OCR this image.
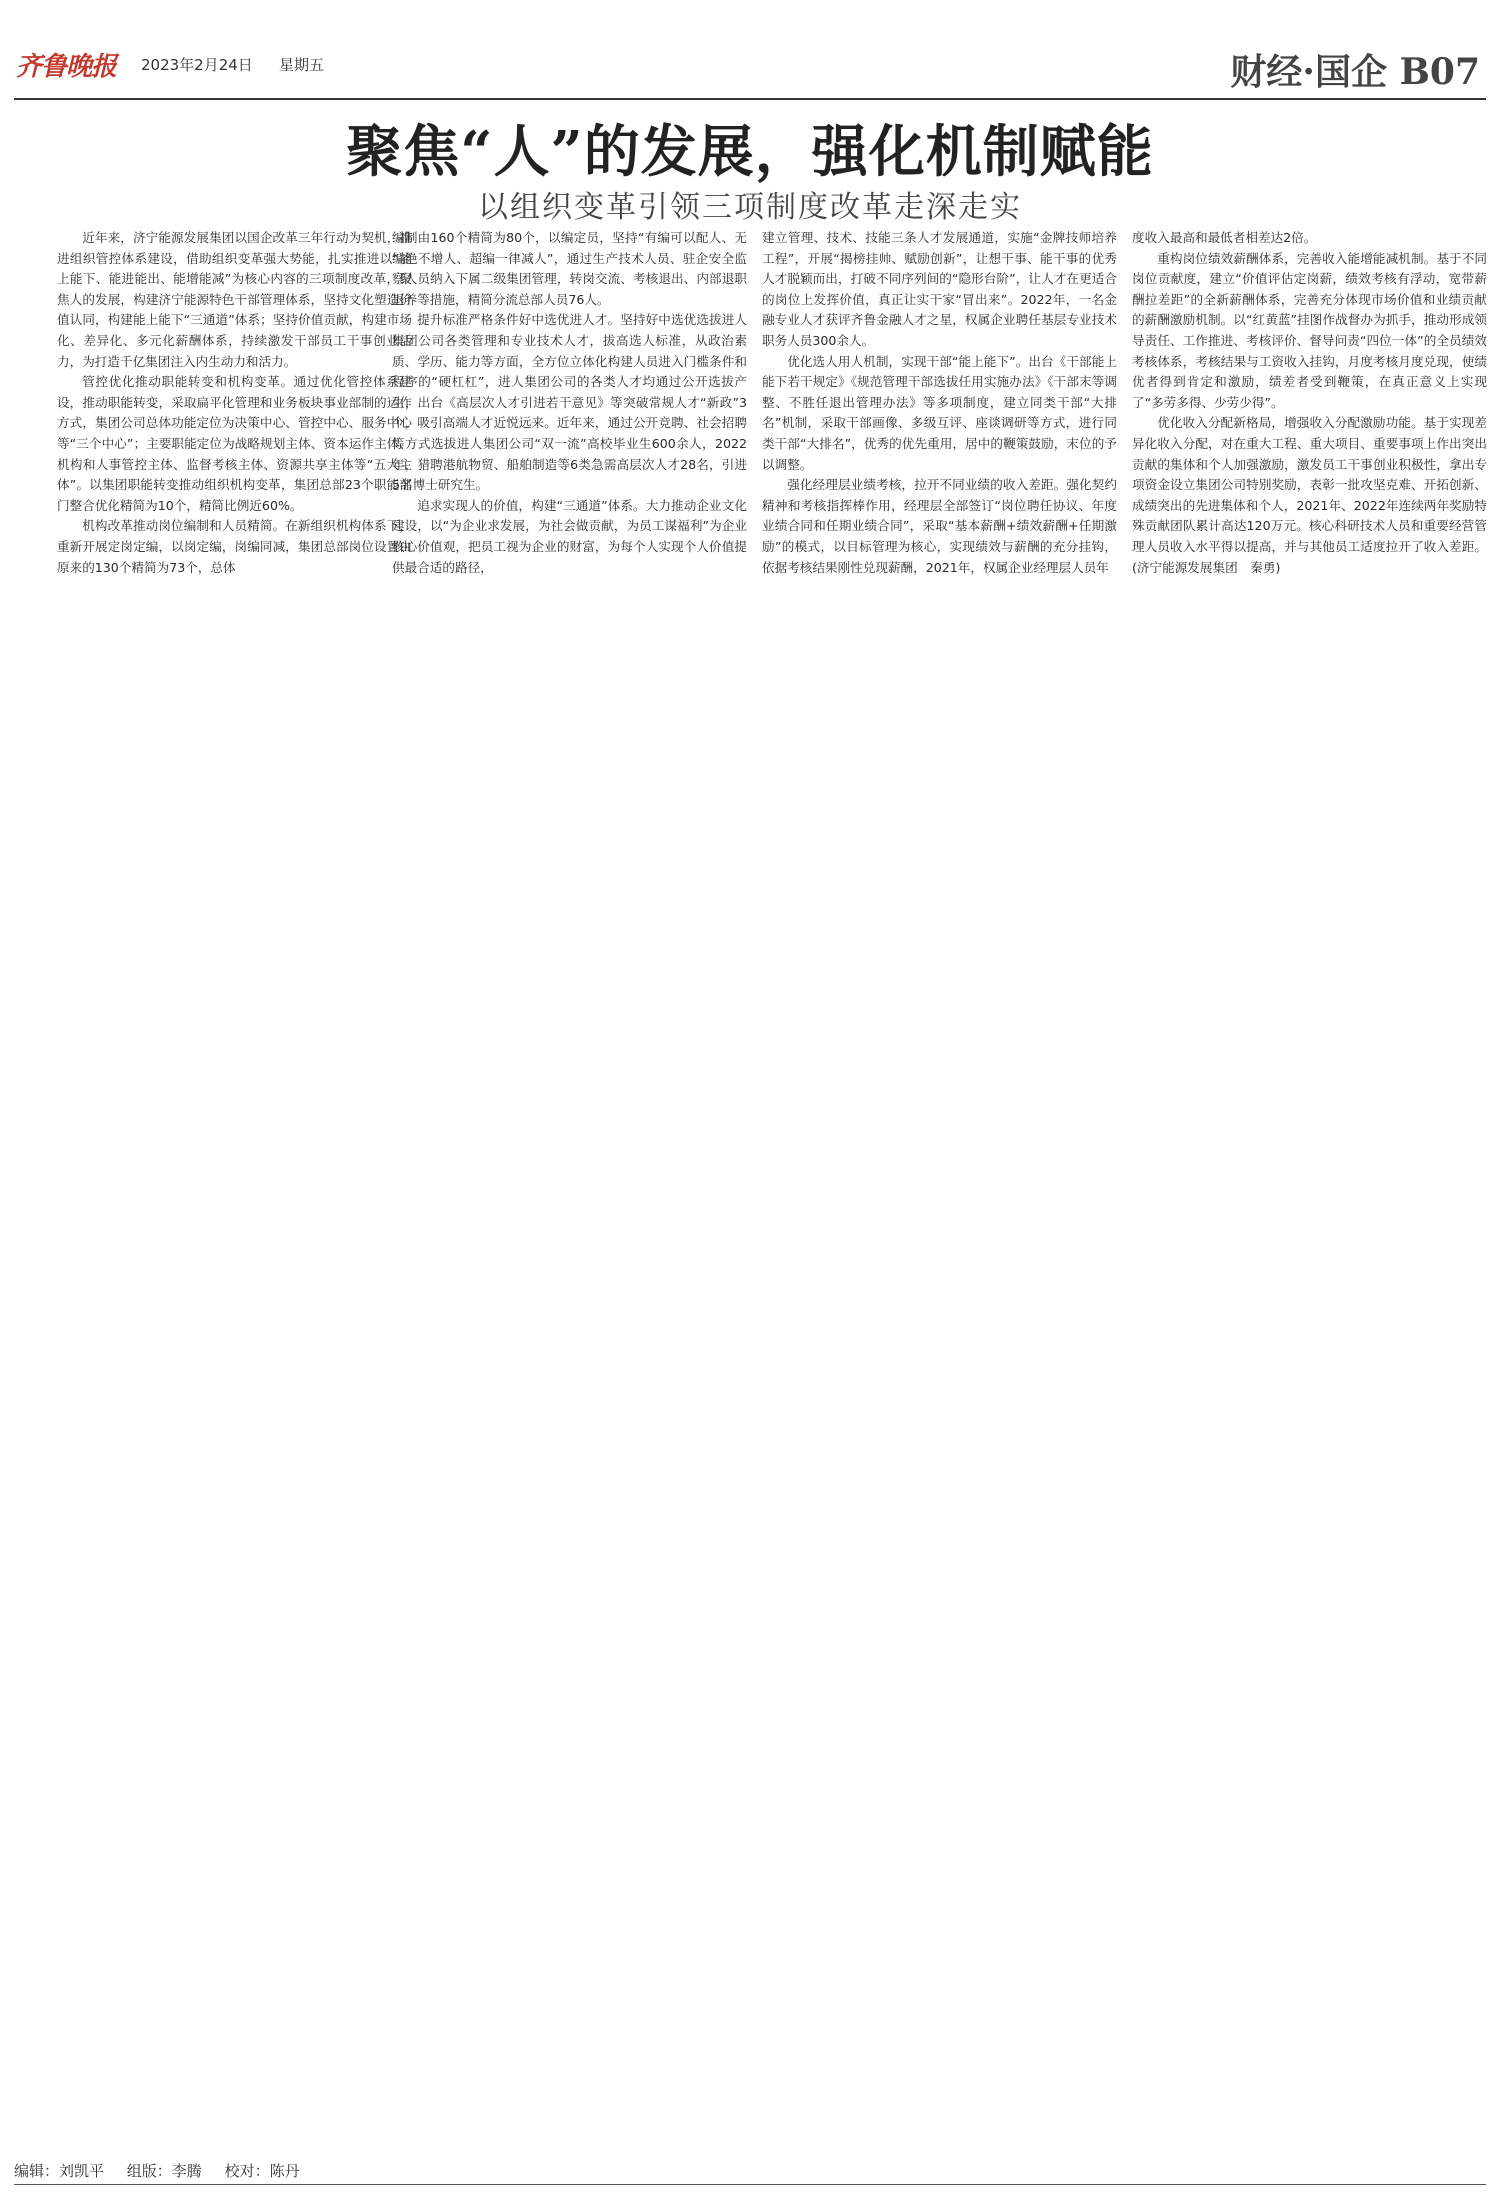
齐鲁晚报 2023年2月24日 星期五	财经·国企 B07
聚焦“人”的发展，强化机制赋能
以组织变革引领三项制度改革走深走实

近年来，济宁能源发展集团以国企改革三年行动为契机，推进组织管控体系建设，借助组织变革强大势能，扎实推进以“能上能下、能进能出、能增能减”为核心内容的三项制度改革，聚焦人的发展，构建济宁能源特色干部管理体系，坚持文化塑造价值认同，构建能上能下“三通道”体系；坚持价值贡献，构建市场化、差异化、多元化薪酬体系，持续激发干部员工干事创业活力，为打造千亿集团注入内生动力和活力。

管控优化推动职能转变和机构变革。通过优化管控体系建设，推动职能转变，采取扁平化管理和业务板块事业部制的运作方式，集团公司总体功能定位为决策中心、管控中心、服务中心等“三个中心”；主要职能定位为战略规划主体、资本运作主体、机构和人事管控主体、监督考核主体、资源共享主体等“五大主体”。以集团职能转变推动组织机构变革，集团总部23个职能部门整合优化精简为10个，精简比例近60%。

机构改革推动岗位编制和人员精简。在新组织机构体系下，重新开展定岗定编，以岗定编，岗编同减，集团总部岗位设置由原来的130个精简为73个，总体

编制由160个精简为80个，以编定员，坚持“有编可以配人、无编绝不增人、超编一律减人”，通过生产技术人员、驻企安全监察人员纳入下属二级集团管理，转岗交流、考核退出、内部退职退养等措施，精简分流总部人员76人。

提升标准严格条件好中选优进人才。坚持好中选优选拔进人集团公司各类管理和专业技术人才，拔高选人标准，从政治素质、学历、能力等方面，全方位立体化构建人员进入门槛条件和程序的“硬杠杠”，进人集团公司的各类人才均通过公开选拔产生，出台《高层次人才引进若干意见》等突破常规人才“新政”3个，吸引高端人才近悦远来。近年来，通过公开竞聘、社会招聘等方式选拔进人集团公司“双一流”高校毕业生600余人，2022年，猎聘港航物贸、船舶制造等6类急需高层次人才28名，引进5名博士研究生。

追求实现人的价值，构建“三通道”体系。大力推动企业文化建设，以“为企业求发展，为社会做贡献，为员工谋福利”为企业核心价值观，把员工视为企业的财富，为每个人实现个人价值提供最合适的路径，

建立管理、技术、技能三条人才发展通道，实施“金牌技师培养工程”，开展“揭榜挂帅、赋励创新”，让想干事、能干事的优秀人才脱颖而出，打破不同序列间的“隐形台阶”，让人才在更适合的岗位上发挥价值，真正让实干家“冒出来”。2022年，一名金融专业人才获评齐鲁金融人才之星，权属企业聘任基层专业技术职务人员300余人。

优化选人用人机制，实现干部“能上能下”。出台《干部能上能下若干规定》《规范管理干部选拔任用实施办法》《干部末等调整、不胜任退出管理办法》等多项制度，建立同类干部“大排名”机制，采取干部画像、多级互评、座谈调研等方式，进行同类干部“大排名”，优秀的优先重用，居中的鞭策鼓励，末位的予以调整。

强化经理层业绩考核，拉开不同业绩的收入差距。强化契约精神和考核指挥棒作用，经理层全部签订“岗位聘任协议、年度业绩合同和任期业绩合同”，采取“基本薪酬+绩效薪酬+任期激励”的模式，以目标管理为核心，实现绩效与薪酬的充分挂钩，依据考核结果刚性兑现薪酬，2021年，权属企业经理层人员年

度收入最高和最低者相差达2倍。

重构岗位绩效薪酬体系，完善收入能增能减机制。基于不同岗位贡献度，建立“价值评估定岗薪，绩效考核有浮动，宽带薪酬拉差距”的全新薪酬体系，完善充分体现市场价值和业绩贡献的薪酬激励机制。以“红黄蓝”挂图作战督办为抓手，推动形成领导责任、工作推进、考核评价、督导问责“四位一体”的全员绩效考核体系，考核结果与工资收入挂钩，月度考核月度兑现，使绩优者得到肯定和激励，绩差者受到鞭策，在真正意义上实现了“多劳多得、少劳少得”。

优化收入分配新格局，增强收入分配激励功能。基于实现差异化收入分配，对在重大工程、重大项目、重要事项上作出突出贡献的集体和个人加强激励，激发员工干事创业积极性，拿出专项资金设立集团公司特别奖励，表彰一批攻坚克难、开拓创新、成绩突出的先进集体和个人，2021年、2022年连续两年奖励特殊贡献团队累计高达120万元。核心科研技术人员和重要经营管理人员收入水平得以提高，并与其他员工适度拉开了收入差距。(济宁能源发展集团　秦勇)

编辑：刘凯平 组版：李腾 校对：陈丹
